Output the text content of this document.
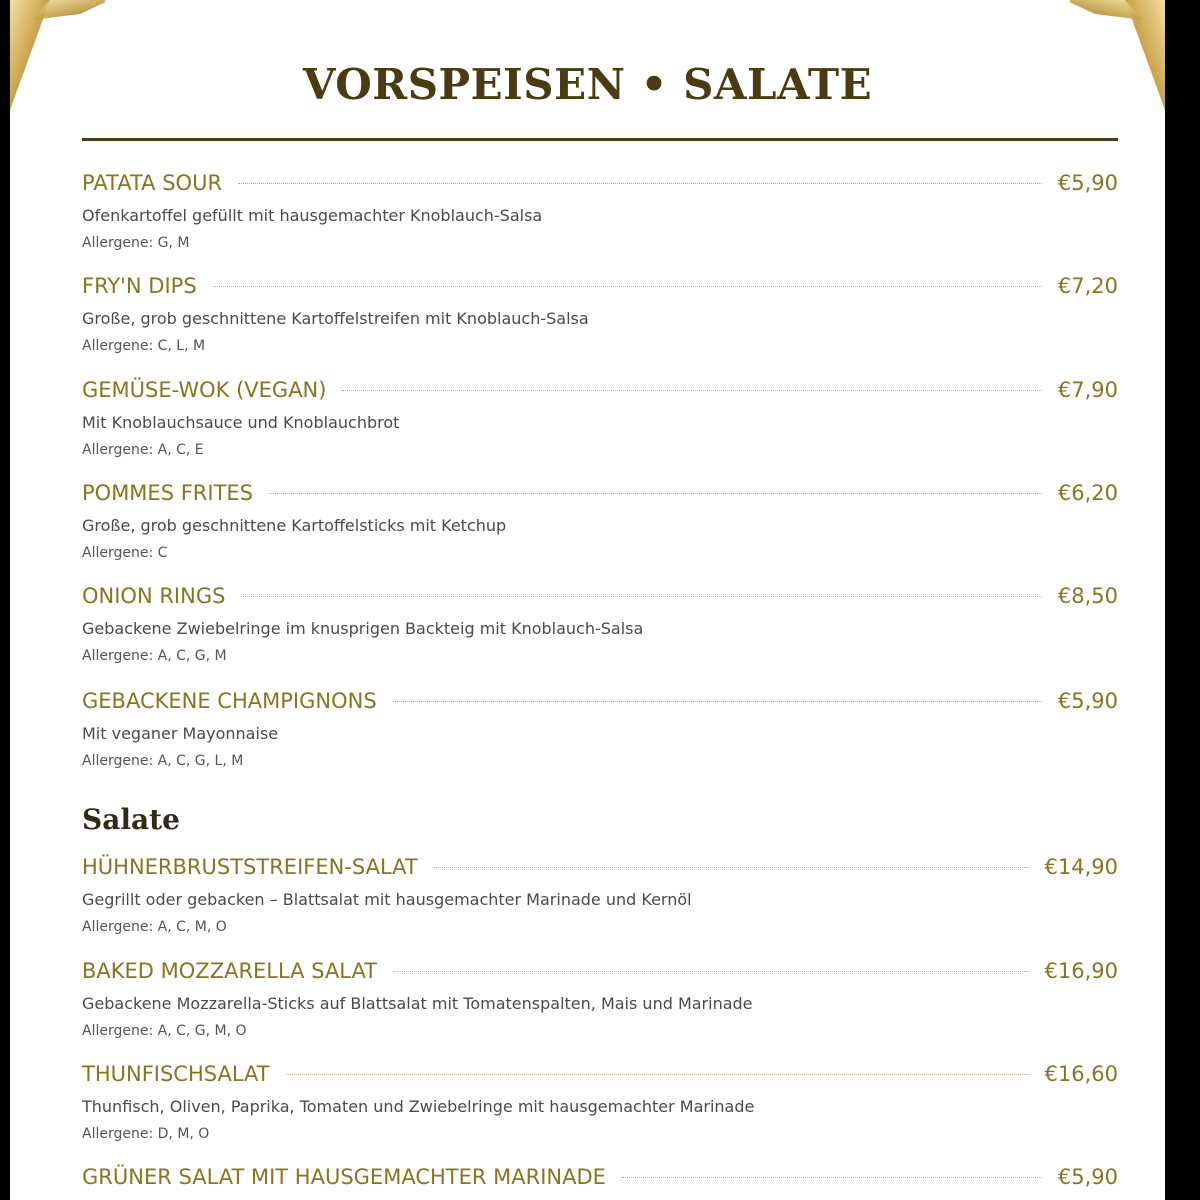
VORSPEISEN • SALATE
PATATA SOUR	€5,90
Ofenkartoffel gefüllt mit hausgemachter Knoblauch-Salsa
Allergene: G, M
FRY'N DIPS	€7,20
Große, grob geschnittene Kartoffelstreifen mit Knoblauch-Salsa
Allergene: C, L, M
GEMÜSE-WOK (VEGAN)	€7,90
Mit Knoblauchsauce und Knoblauchbrot
Allergene: A, C, E
POMMES FRITES	€6,20
Große, grob geschnittene Kartoffelsticks mit Ketchup
Allergene: C
ONION RINGS	€8,50
Gebackene Zwiebelringe im knusprigen Backteig mit Knoblauch-Salsa
Allergene: A, C, G, M
GEBACKENE CHAMPIGNONS	€5,90
Mit veganer Mayonnaise
Allergene: A, C, G, L, M
Salate
HÜHNERBRUSTSTREIFEN-SALAT	€14,90
Gegrillt oder gebacken – Blattsalat mit hausgemachter Marinade und Kernöl
Allergene: A, C, M, O
BAKED MOZZARELLA SALAT	€16,90
Gebackene Mozzarella-Sticks auf Blattsalat mit Tomatenspalten, Mais und Marinade
Allergene: A, C, G, M, O
THUNFISCHSALAT	€16,60
Thunfisch, Oliven, Paprika, Tomaten und Zwiebelringe mit hausgemachter Marinade
Allergene: D, M, O
GRÜNER SALAT MIT HAUSGEMACHTER MARINADE	€5,90
